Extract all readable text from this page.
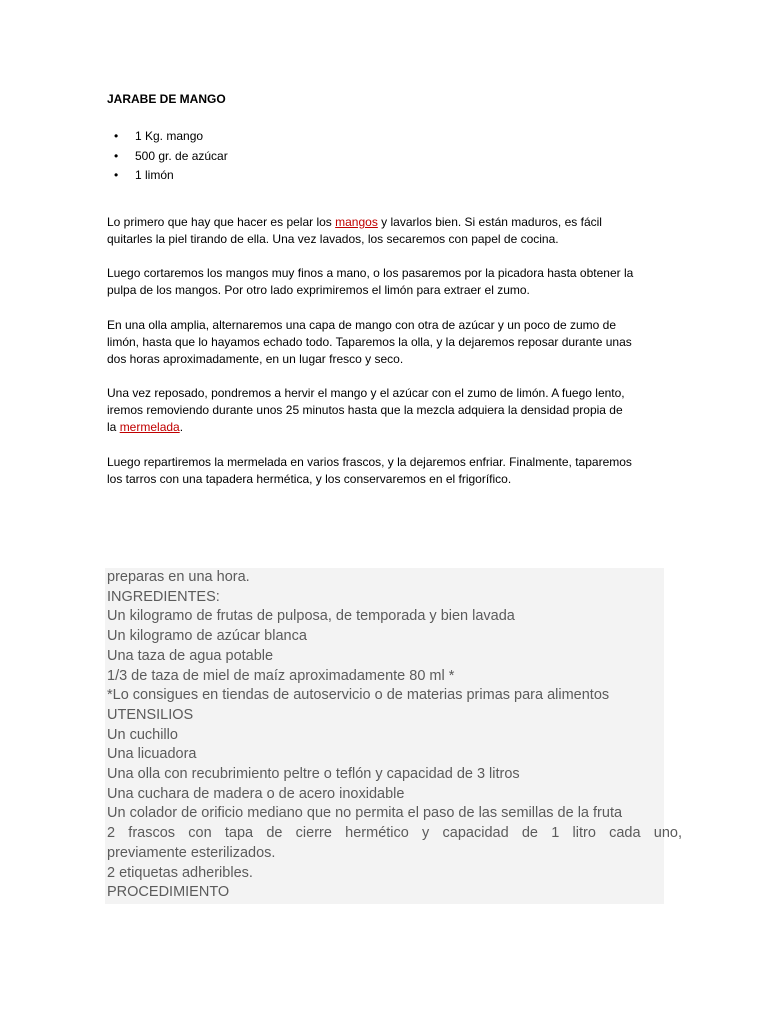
JARABE DE MANGO
• 1 Kg. mango
• 500 gr. de azúcar
• 1 limón
Lo primero que hay que hacer es pelar los mangos y lavarlos bien. Si están maduros, es fácil
quitarles la piel tirando de ella. Una vez lavados, los secaremos con papel de cocina.
Luego cortaremos los mangos muy finos a mano, o los pasaremos por la picadora hasta obtener la
pulpa de los mangos. Por otro lado exprimiremos el limón para extraer el zumo.
En una olla amplia, alternaremos una capa de mango con otra de azúcar y un poco de zumo de
limón, hasta que lo hayamos echado todo. Taparemos la olla, y la dejaremos reposar durante unas
dos horas aproximadamente, en un lugar fresco y seco.
Una vez reposado, pondremos a hervir el mango y el azúcar con el zumo de limón. A fuego lento,
iremos removiendo durante unos 25 minutos hasta que la mezcla adquiera la densidad propia de
la mermelada.
Luego repartiremos la mermelada en varios frascos, y la dejaremos enfriar. Finalmente, taparemos
los tarros con una tapadera hermética, y los conservaremos en el frigorífico.
preparas en una hora.
INGREDIENTES:
Un kilogramo de frutas de pulposa, de temporada y bien lavada
Un kilogramo de azúcar blanca
Una taza de agua potable
1/3 de taza de miel de maíz aproximadamente 80 ml *
*Lo consigues en tiendas de autoservicio o de materias primas para alimentos
UTENSILIOS
Un cuchillo
Una licuadora
Una olla con recubrimiento peltre o teflón y capacidad de 3 litros
Una cuchara de madera o de acero inoxidable
Un colador de orificio mediano que no permita el paso de las semillas de la fruta
2 frascos con tapa de cierre hermético y capacidad de 1 litro cada uno,
previamente esterilizados.
2 etiquetas adheribles.
PROCEDIMIENTO
